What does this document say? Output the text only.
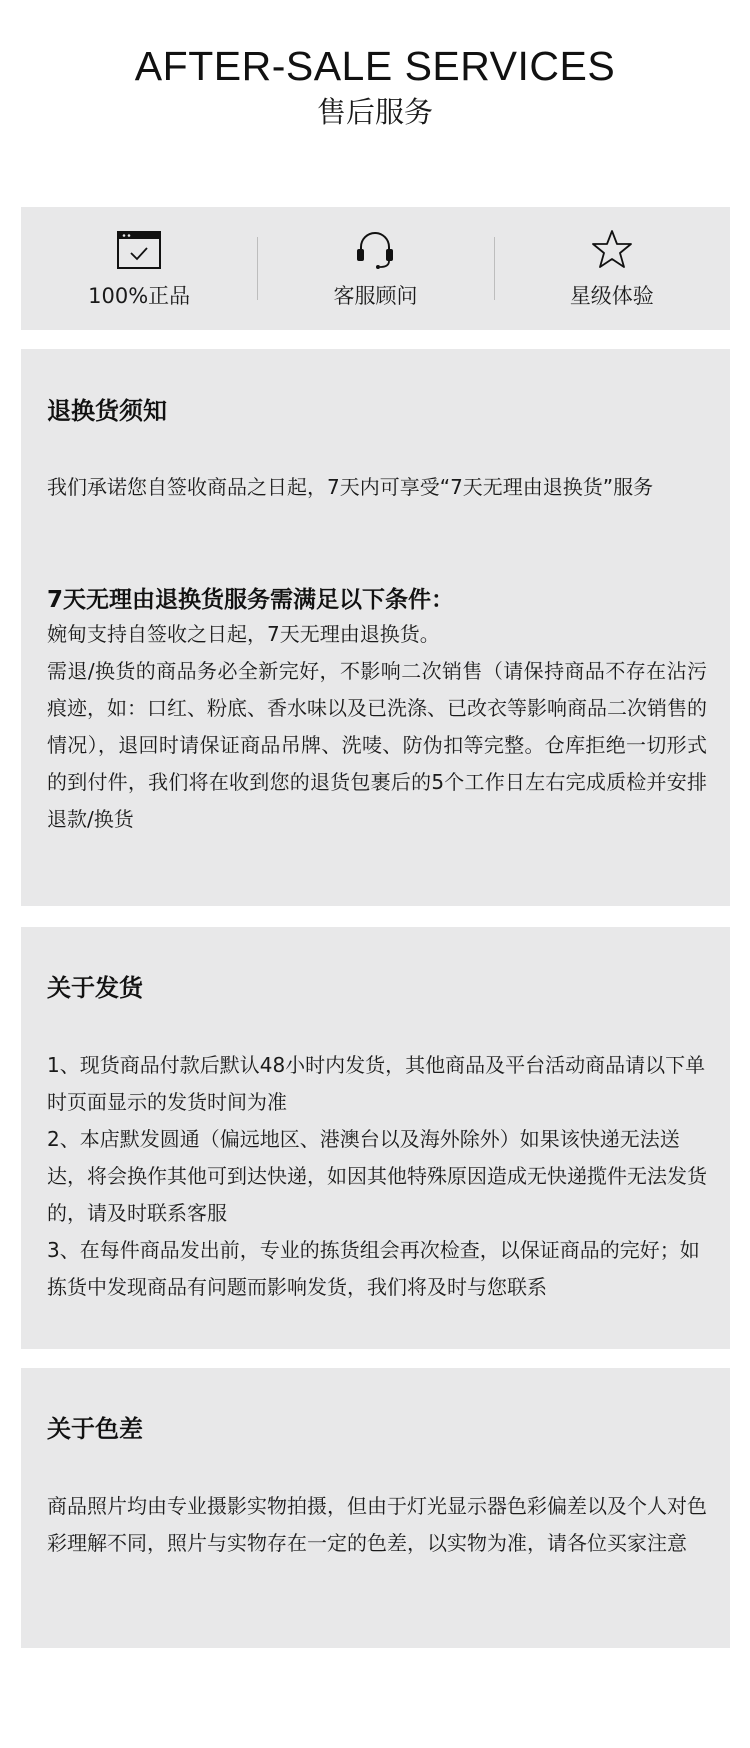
AFTER-SALE SERVICES
售后服务
100%正品	客服顾问	星级体验
退换货须知
我们承诺您自签收商品之日起，7天内可享受“7天无理由退换货”服务
7天无理由退换货服务需满足以下条件：
婉甸支持自签收之日起，7天无理由退换货。
需退/换货的商品务必全新完好，不影响二次销售（请保持商品不存在沾污痕迹，如：口红、粉底、香水味以及已洗涤、已改衣等影响商品二次销售的情况），退回时请保证商品吊牌、洗唛、防伪扣等完整。仓库拒绝一切形式的到付件，我们将在收到您的退货包裹后的5个工作日左右完成质检并安排退款/换货
关于发货
1、现货商品付款后默认48小时内发货，其他商品及平台活动商品请以下单时页面显示的发货时间为准
2、本店默发圆通（偏远地区、港澳台以及海外除外）如果该快递无法送达，将会换作其他可到达快递，如因其他特殊原因造成无快递揽件无法发货的，请及时联系客服
3、在每件商品发出前，专业的拣货组会再次检查，以保证商品的完好；如拣货中发现商品有问题而影响发货，我们将及时与您联系
关于色差
商品照片均由专业摄影实物拍摄，但由于灯光显示器色彩偏差以及个人对色彩理解不同，照片与实物存在一定的色差，以实物为准，请各位买家注意
